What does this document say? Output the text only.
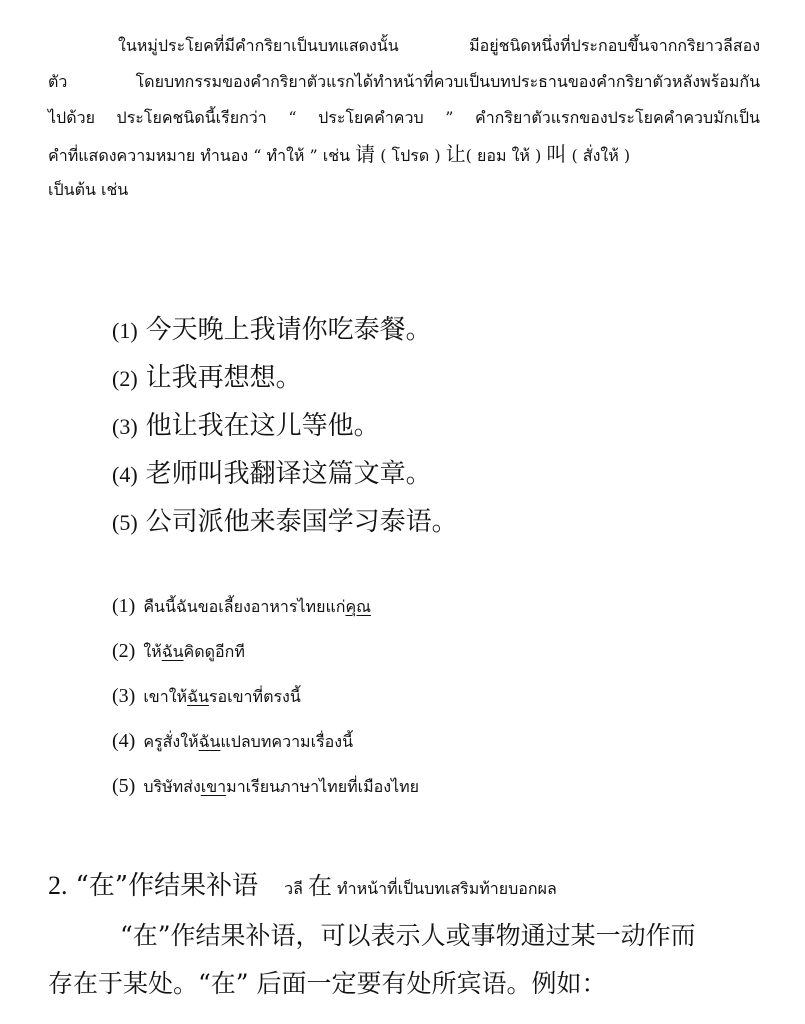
ในหมู่ประโยคที่มีคำกริยาเป็นบทแสดงนั้น มีอยู่ชนิดหนึ่งที่ประกอบขึ้นจากกริยาวลีสอง
ตัว โดยบทกรรมของคำกริยาตัวแรกได้ทำหน้าที่ควบเป็นบทประธานของคำกริยาตัวหลังพร้อมกัน
ไปด้วย ประโยคชนิดนี้เรียกว่า “ ประโยคคำควบ ” คำกริยาตัวแรกของประโยคคำควบมักเป็น
คำที่แสดงความหมาย ทำนอง “ ทำให้ ” เช่น 请 ( โปรด ) 让( ยอม ให้ ) 叫 ( สั่งให้ )
เป็นต้น เช่น
(1) 今天晚上我请你吃泰餐。
(2) 让我再想想。
(3) 他让我在这儿等他。
(4) 老师叫我翻译这篇文章。
(5) 公司派他来泰国学习泰语。
(1) คืนนี้ฉันขอเลี้ยงอาหารไทยแก่คุณ
(2) ให้ฉันคิดดูอีกที
(3) เขาให้ฉันรอเขาที่ตรงนี้
(4) ครูสั่งให้ฉันแปลบทความเรื่องนี้
(5) บริษัทส่งเขามาเรียนภาษาไทยที่เมืองไทย
2. “在”作结果补语 วลี 在 ทำหน้าที่เป็นบทเสริมท้ายบอกผล
“在”作结果补语，可以表示人或事物通过某一动作而
存在于某处。“在” 后面一定要有处所宾语。例如：
